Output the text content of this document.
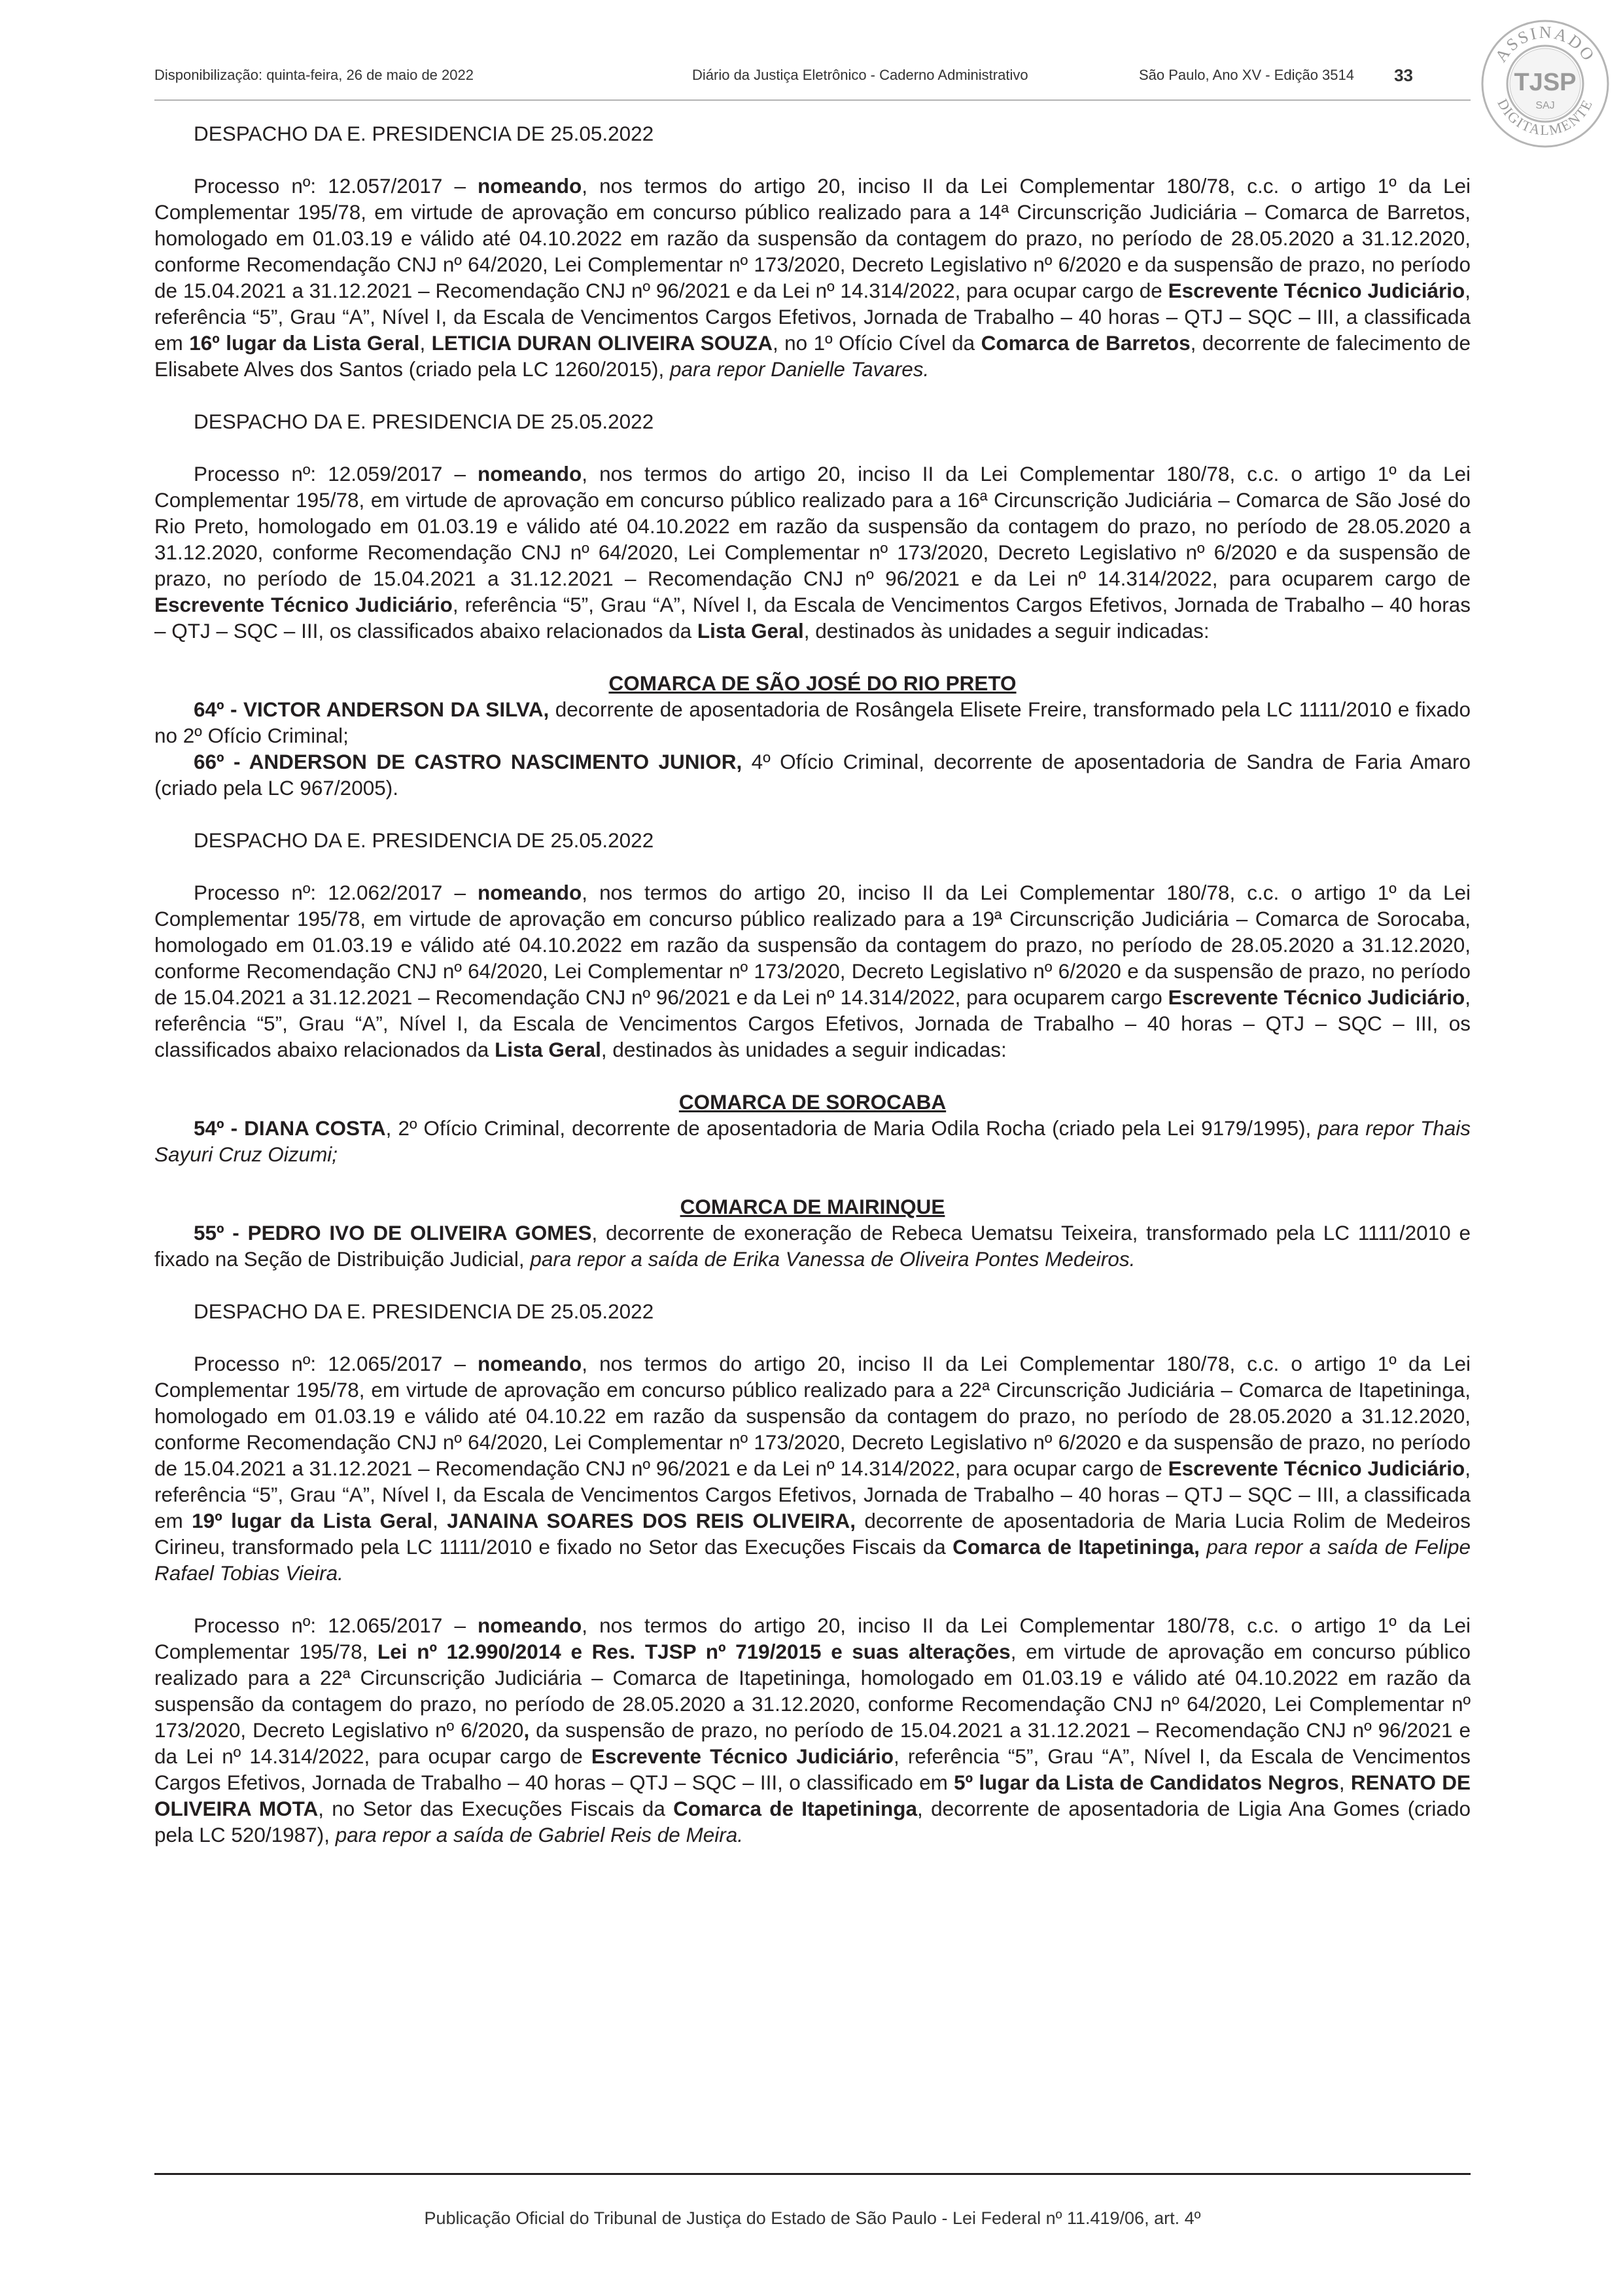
Disponibilização: quinta-feira, 26 de maio de 2022	Diário da Justiça Eletrônico - Caderno Administrativo	São Paulo, Ano XV - Edição 3514 33
ASSINADO
DIGITALMENTE
TJSP
SAJ

DESPACHO DA E. PRESIDENCIA DE 25.05.2022

Processo nº: 12.057/2017 – nomeando, nos termos do artigo 20, inciso II da Lei Complementar 180/78, c.c. o artigo 1º da Lei Complementar 195/78, em virtude de aprovação em concurso público realizado para a 14ª Circunscrição Judiciária – Comarca de Barretos, homologado em 01.03.19 e válido até 04.10.2022 em razão da suspensão da contagem do prazo, no período de 28.05.2020 a 31.12.2020, conforme Recomendação CNJ nº 64/2020, Lei Complementar nº 173/2020, Decreto Legislativo nº 6/2020 e da suspensão de prazo, no período de 15.04.2021 a 31.12.2021 – Recomendação CNJ nº 96/2021 e da Lei nº 14.314/2022, para ocupar cargo de Escrevente Técnico Judiciário, referência “5”, Grau “A”, Nível I, da Escala de Vencimentos Cargos Efetivos, Jornada de Trabalho – 40 horas – QTJ – SQC – III, a classificada em 16º lugar da Lista Geral, LETICIA DURAN OLIVEIRA SOUZA, no 1º Ofício Cível da Comarca de Barretos, decorrente de falecimento de Elisabete Alves dos Santos (criado pela LC 1260/2015), para repor Danielle Tavares.

DESPACHO DA E. PRESIDENCIA DE 25.05.2022

Processo nº: 12.059/2017 – nomeando, nos termos do artigo 20, inciso II da Lei Complementar 180/78, c.c. o artigo 1º da Lei Complementar 195/78, em virtude de aprovação em concurso público realizado para a 16ª Circunscrição Judiciária – Comarca de São José do Rio Preto, homologado em 01.03.19 e válido até 04.10.2022 em razão da suspensão da contagem do prazo, no período de 28.05.2020 a 31.12.2020, conforme Recomendação CNJ nº 64/2020, Lei Complementar nº 173/2020, Decreto Legislativo nº 6/2020 e da suspensão de prazo, no período de 15.04.2021 a 31.12.2021 – Recomendação CNJ nº 96/2021 e da Lei nº 14.314/2022, para ocuparem cargo de Escrevente Técnico Judiciário, referência “5”, Grau “A”, Nível I, da Escala de Vencimentos Cargos Efetivos, Jornada de Trabalho – 40 horas – QTJ – SQC – III, os classificados abaixo relacionados da Lista Geral, destinados às unidades a seguir indicadas:

COMARCA DE SÃO JOSÉ DO RIO PRETO

64º - VICTOR ANDERSON DA SILVA, decorrente de aposentadoria de Rosângela Elisete Freire, transformado pela LC 1111/2010 e fixado no 2º Ofício Criminal;

66º - ANDERSON DE CASTRO NASCIMENTO JUNIOR, 4º Ofício Criminal, decorrente de aposentadoria de Sandra de Faria Amaro (criado pela LC 967/2005).

DESPACHO DA E. PRESIDENCIA DE 25.05.2022

Processo nº: 12.062/2017 – nomeando, nos termos do artigo 20, inciso II da Lei Complementar 180/78, c.c. o artigo 1º da Lei Complementar 195/78, em virtude de aprovação em concurso público realizado para a 19ª Circunscrição Judiciária – Comarca de Sorocaba, homologado em 01.03.19 e válido até 04.10.2022 em razão da suspensão da contagem do prazo, no período de 28.05.2020 a 31.12.2020, conforme Recomendação CNJ nº 64/2020, Lei Complementar nº 173/2020, Decreto Legislativo nº 6/2020 e da suspensão de prazo, no período de 15.04.2021 a 31.12.2021 – Recomendação CNJ nº 96/2021 e da Lei nº 14.314/2022, para ocuparem cargo Escrevente Técnico Judiciário, referência “5”, Grau “A”, Nível I, da Escala de Vencimentos Cargos Efetivos, Jornada de Trabalho – 40 horas – QTJ – SQC – III, os classificados abaixo relacionados da Lista Geral, destinados às unidades a seguir indicadas:

COMARCA DE SOROCABA

54º - DIANA COSTA, 2º Ofício Criminal, decorrente de aposentadoria de Maria Odila Rocha (criado pela Lei 9179/1995), para repor Thais Sayuri Cruz Oizumi;

COMARCA DE MAIRINQUE

55º - PEDRO IVO DE OLIVEIRA GOMES, decorrente de exoneração de Rebeca Uematsu Teixeira, transformado pela LC 1111/2010 e fixado na Seção de Distribuição Judicial, para repor a saída de Erika Vanessa de Oliveira Pontes Medeiros.

DESPACHO DA E. PRESIDENCIA DE 25.05.2022

Processo nº: 12.065/2017 – nomeando, nos termos do artigo 20, inciso II da Lei Complementar 180/78, c.c. o artigo 1º da Lei Complementar 195/78, em virtude de aprovação em concurso público realizado para a 22ª Circunscrição Judiciária – Comarca de Itapetininga, homologado em 01.03.19 e válido até 04.10.22 em razão da suspensão da contagem do prazo, no período de 28.05.2020 a 31.12.2020, conforme Recomendação CNJ nº 64/2020, Lei Complementar nº 173/2020, Decreto Legislativo nº 6/2020 e da suspensão de prazo, no período de 15.04.2021 a 31.12.2021 – Recomendação CNJ nº 96/2021 e da Lei nº 14.314/2022, para ocupar cargo de Escrevente Técnico Judiciário, referência “5”, Grau “A”, Nível I, da Escala de Vencimentos Cargos Efetivos, Jornada de Trabalho – 40 horas – QTJ – SQC – III, a classificada em 19º lugar da Lista Geral, JANAINA SOARES DOS REIS OLIVEIRA, decorrente de aposentadoria de Maria Lucia Rolim de Medeiros Cirineu, transformado pela LC 1111/2010 e fixado no Setor das Execuções Fiscais da Comarca de Itapetininga, para repor a saída de Felipe Rafael Tobias Vieira.

Processo nº: 12.065/2017 – nomeando, nos termos do artigo 20, inciso II da Lei Complementar 180/78, c.c. o artigo 1º da Lei Complementar 195/78, Lei nº 12.990/2014 e Res. TJSP nº 719/2015 e suas alterações, em virtude de aprovação em concurso público realizado para a 22ª Circunscrição Judiciária – Comarca de Itapetininga, homologado em 01.03.19 e válido até 04.10.2022 em razão da suspensão da contagem do prazo, no período de 28.05.2020 a 31.12.2020, conforme Recomendação CNJ nº 64/2020, Lei Complementar nº 173/2020, Decreto Legislativo nº 6/2020, da suspensão de prazo, no período de 15.04.2021 a 31.12.2021 – Recomendação CNJ nº 96/2021 e da Lei nº 14.314/2022, para ocupar cargo de Escrevente Técnico Judiciário, referência “5”, Grau “A”, Nível I, da Escala de Vencimentos Cargos Efetivos, Jornada de Trabalho – 40 horas – QTJ – SQC – III, o classificado em 5º lugar da Lista de Candidatos Negros, RENATO DE OLIVEIRA MOTA, no Setor das Execuções Fiscais da Comarca de Itapetininga, decorrente de aposentadoria de Ligia Ana Gomes (criado pela LC 520/1987), para repor a saída de Gabriel Reis de Meira.

Publicação Oficial do Tribunal de Justiça do Estado de São Paulo - Lei Federal nº 11.419/06, art. 4º
